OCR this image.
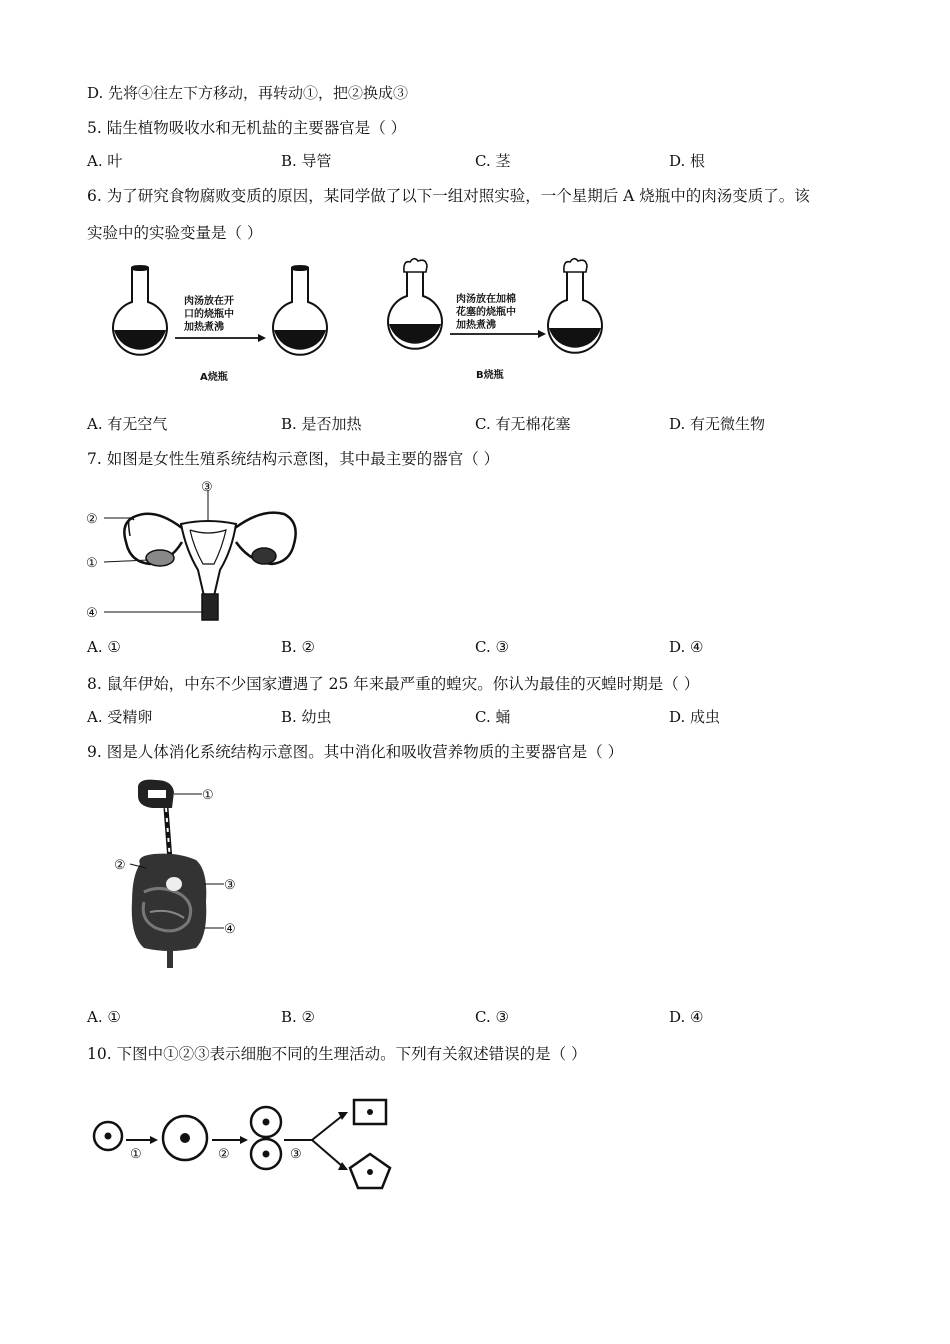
D. 先将④往左下方移动，再转动①，把②换成③
5. 陆生植物吸收水和无机盐的主要器官是（ ）
A. 叶	B. 导管	C. 茎	D. 根
6. 为了研究食物腐败变质的原因，某同学做了以下一组对照实验，一个星期后 A 烧瓶中的肉汤变质了。该
实验中的实验变量是（ ）
肉汤放在开
口的烧瓶中
加热煮沸
A烧瓶
肉汤放在加棉
花塞的烧瓶中
加热煮沸
B烧瓶
A. 有无空气	B. 是否加热	C. 有无棉花塞	D. 有无微生物
7. 如图是女性生殖系统结构示意图，其中最主要的器官（ ）
③
②
①
④
A. ①	B. ②	C. ③	D. ④
8. 鼠年伊始，中东不少国家遭遇了 25 年来最严重的蝗灾。你认为最佳的灭蝗时期是（ ）
A. 受精卵	B. 幼虫	C. 蛹	D. 成虫
9. 图是人体消化系统结构示意图。其中消化和吸收营养物质的主要器官是（ ）
①
②
③
④
A. ①	B. ②	C. ③	D. ④
10. 下图中①②③表示细胞不同的生理活动。下列有关叙述错误的是（ ）
①	②	③
